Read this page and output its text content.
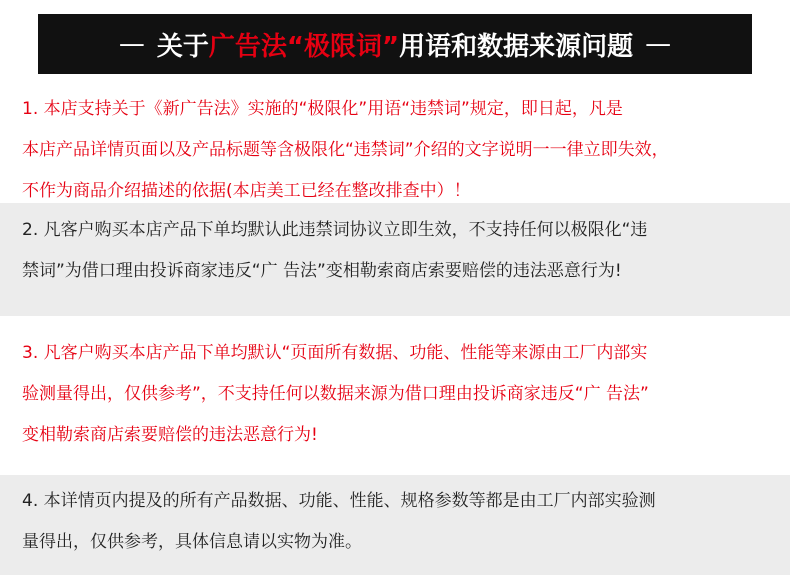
— 关于 广告法“极限词” 用语和数据来源问题 —
1. 本店支持关于《新广告法》实施的“极限化”用语“违禁词”规定，即日起，凡是
本店产品详情页面以及产品标题等含极限化“违禁词”介绍的文字说明一一律立即失效，
不作为商品介绍描述的依据(本店美工已经在整改排查中）！
2. 凡客户购买本店产品下单均默认此违禁词协议立即生效，不支持任何以极限化“违
禁词”为借口理由投诉商家违反“广 告法”变相勒索商店索要赔偿的违法恶意行为!
3. 凡客户购买本店产品下单均默认“页面所有数据、功能、性能等来源由工厂内部实
验测量得出，仅供参考”，不支持任何以数据来源为借口理由投诉商家违反“广 告法”
变相勒索商店索要赔偿的违法恶意行为!
4. 本详情页内提及的所有产品数据、功能、性能、规格参数等都是由工厂内部实验测
量得出，仅供参考，具体信息请以实物为准。
